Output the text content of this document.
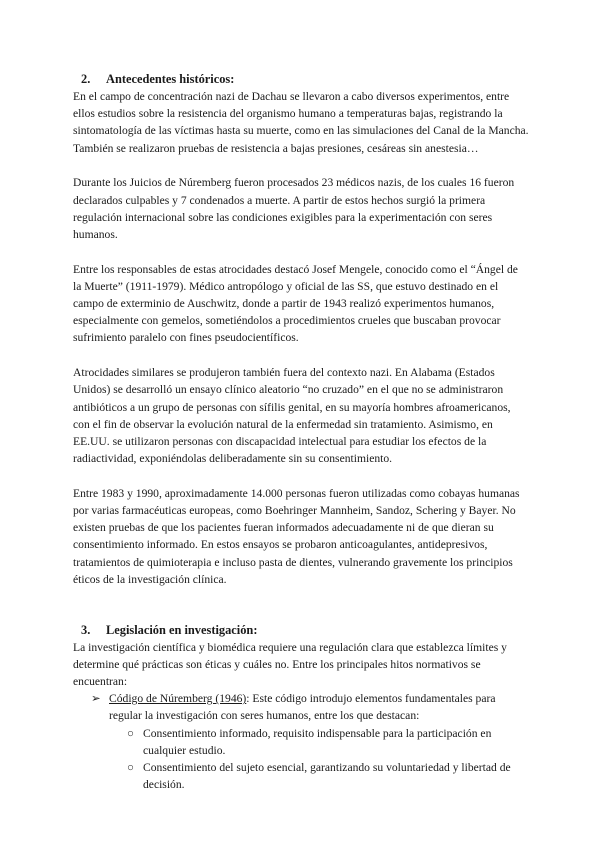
2. Antecedentes históricos:

En el campo de concentración nazi de Dachau se llevaron a cabo diversos experimentos, entre ellos estudios sobre la resistencia del organismo humano a temperaturas bajas, registrando la sintomatología de las víctimas hasta su muerte, como en las simulaciones del Canal de la Mancha. También se realizaron pruebas de resistencia a bajas presiones, cesáreas sin anestesia…

Durante los Juicios de Núremberg fueron procesados 23 médicos nazis, de los cuales 16 fueron declarados culpables y 7 condenados a muerte. A partir de estos hechos surgió la primera regulación internacional sobre las condiciones exigibles para la experimentación con seres humanos.

Entre los responsables de estas atrocidades destacó Josef Mengele, conocido como el “Ángel de la Muerte” (1911-1979). Médico antropólogo y oficial de las SS, que estuvo destinado en el campo de exterminio de Auschwitz, donde a partir de 1943 realizó experimentos humanos, especialmente con gemelos, sometiéndolos a procedimientos crueles que buscaban provocar sufrimiento paralelo con fines pseudocientíficos.

Atrocidades similares se produjeron también fuera del contexto nazi. En Alabama (Estados Unidos) se desarrolló un ensayo clínico aleatorio “no cruzado” en el que no se administraron antibióticos a un grupo de personas con sífilis genital, en su mayoría hombres afroamericanos, con el fin de observar la evolución natural de la enfermedad sin tratamiento. Asimismo, en EE.UU. se utilizaron personas con discapacidad intelectual para estudiar los efectos de la radiactividad, exponiéndolas deliberadamente sin su consentimiento.

Entre 1983 y 1990, aproximadamente 14.000 personas fueron utilizadas como cobayas humanas por varias farmacéuticas europeas, como Boehringer Mannheim, Sandoz, Schering y Bayer. No existen pruebas de que los pacientes fueran informados adecuadamente ni de que dieran su consentimiento informado. En estos ensayos se probaron anticoagulantes, antidepresivos, tratamientos de quimioterapia e incluso pasta de dientes, vulnerando gravemente los principios éticos de la investigación clínica.

3. Legislación en investigación:

La investigación científica y biomédica requiere una regulación clara que establezca límites y determine qué prácticas son éticas y cuáles no. Entre los principales hitos normativos se encuentran:

➢ Código de Núremberg (1946): Este código introdujo elementos fundamentales para regular la investigación con seres humanos, entre los que destacan:
○ Consentimiento informado, requisito indispensable para la participación en cualquier estudio.
○ Consentimiento del sujeto esencial, garantizando su voluntariedad y libertad de decisión.
